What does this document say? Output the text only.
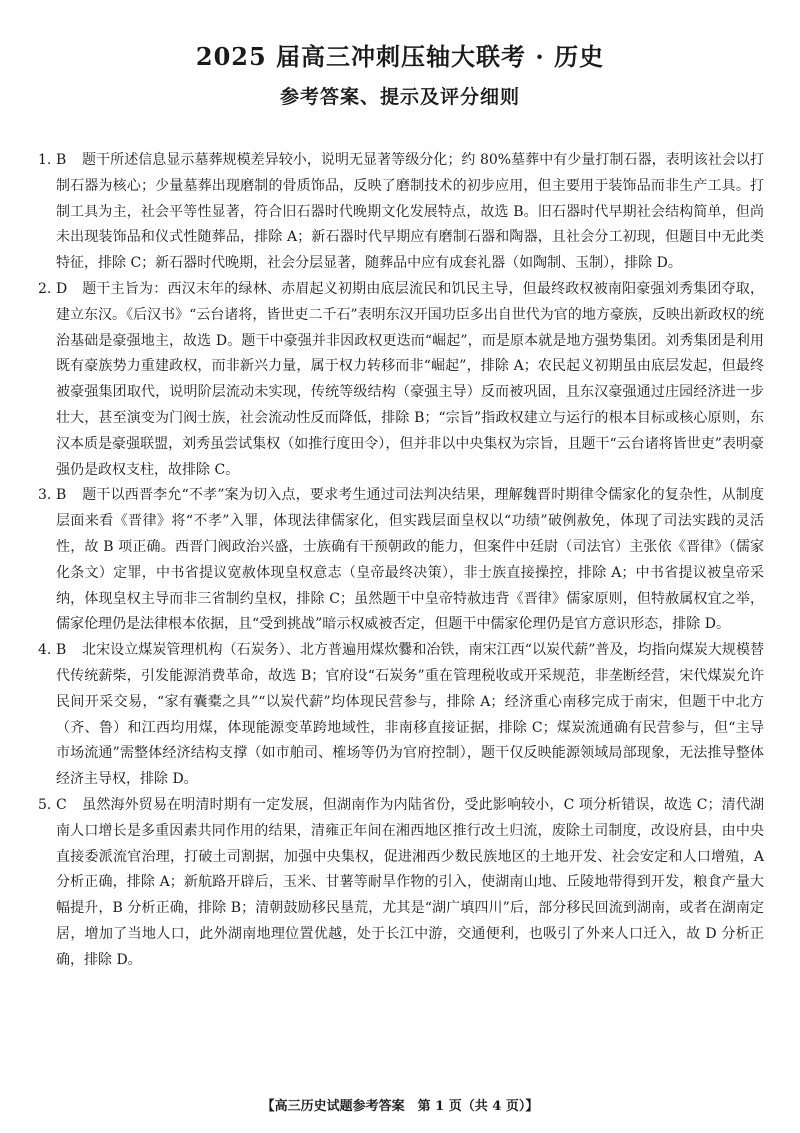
2025 届高三冲刺压轴大联考 · 历史
参考答案、提示及评分细则

1. B 题干所述信息显示墓葬规模差异较小，说明无显著等级分化；约 80%墓葬中有少量打制石器，表明该社会以打制石器为核心；少量墓葬出现磨制的骨质饰品，反映了磨制技术的初步应用，但主要用于装饰品而非生产工具。打制工具为主，社会平等性显著，符合旧石器时代晚期文化发展特点，故选 B。旧石器时代早期社会结构简单，但尚未出现装饰品和仪式性随葬品，排除 A；新石器时代早期应有磨制石器和陶器，且社会分工初现，但题目中无此类特征，排除 C；新石器时代晚期，社会分层显著，随葬品中应有成套礼器（如陶制、玉制），排除 D。

2. D 题干主旨为：西汉末年的绿林、赤眉起义初期由底层流民和饥民主导，但最终政权被南阳豪强刘秀集团夺取，建立东汉。《后汉书》“云台诸将，皆世吏二千石”表明东汉开国功臣多出自世代为官的地方豪族，反映出新政权的统治基础是豪强地主，故选 D。题干中豪强并非因政权更迭而“崛起”，而是原本就是地方强势集团。刘秀集团是利用既有豪族势力重建政权，而非新兴力量，属于权力转移而非“崛起”，排除 A；农民起义初期虽由底层发起，但最终被豪强集团取代，说明阶层流动未实现，传统等级结构（豪强主导）反而被巩固，且东汉豪强通过庄园经济进一步壮大，甚至演变为门阀士族，社会流动性反而降低，排除 B；“宗旨”指政权建立与运行的根本目标或核心原则，东汉本质是豪强联盟，刘秀虽尝试集权（如推行度田令），但并非以中央集权为宗旨，且题干“云台诸将皆世吏”表明豪强仍是政权支柱，故排除 C。

3. B 题干以西晋李允“不孝”案为切入点，要求考生通过司法判决结果，理解魏晋时期律令儒家化的复杂性，从制度层面来看《晋律》将“不孝”入罪，体现法律儒家化，但实践层面皇权以“功绩”破例赦免，体现了司法实践的灵活性，故 B 项正确。西晋门阀政治兴盛，士族确有干预朝政的能力，但案件中廷尉（司法官）主张依《晋律》（儒家化条文）定罪，中书省提议宽赦体现皇权意志（皇帝最终决策），非士族直接操控，排除 A；中书省提议被皇帝采纳，体现皇权主导而非三省制约皇权，排除 C；虽然题干中皇帝特赦违背《晋律》儒家原则，但特赦属权宜之举，儒家伦理仍是法律根本依据，且“受到挑战”暗示权威被否定，但题干中儒家伦理仍是官方意识形态，排除 D。

4. B 北宋设立煤炭管理机构（石炭务）、北方普遍用煤炊爨和冶铁，南宋江西“以炭代薪”普及，均指向煤炭大规模替代传统薪柴，引发能源消费革命，故选 B；官府设“石炭务”重在管理税收或开采规范，非垄断经营，宋代煤炭允许民间开采交易，“家有囊橐之具”“以炭代薪”均体现民营参与，排除 A；经济重心南移完成于南宋，但题干中北方（齐、鲁）和江西均用煤，体现能源变革跨地域性，非南移直接证据，排除 C；煤炭流通确有民营参与，但“主导市场流通”需整体经济结构支撑（如市舶司、榷场等仍为官府控制），题干仅反映能源领域局部现象，无法推导整体经济主导权，排除 D。

5. C 虽然海外贸易在明清时期有一定发展，但湖南作为内陆省份，受此影响较小，C 项分析错误，故选 C；清代湖南人口增长是多重因素共同作用的结果，清雍正年间在湘西地区推行改土归流，废除土司制度，改设府县，由中央直接委派流官治理，打破土司割据，加强中央集权，促进湘西少数民族地区的土地开发、社会安定和人口增殖，A 分析正确，排除 A；新航路开辟后，玉米、甘薯等耐旱作物的引入，使湖南山地、丘陵地带得到开发，粮食产量大幅提升，B 分析正确，排除 B；清朝鼓励移民垦荒，尤其是“湖广填四川”后，部分移民回流到湖南，或者在湖南定居，增加了当地人口，此外湖南地理位置优越，处于长江中游，交通便利，也吸引了外来人口迁入，故 D 分析正确，排除 D。

【高三历史试题参考答案　第 1 页（共 4 页）】
